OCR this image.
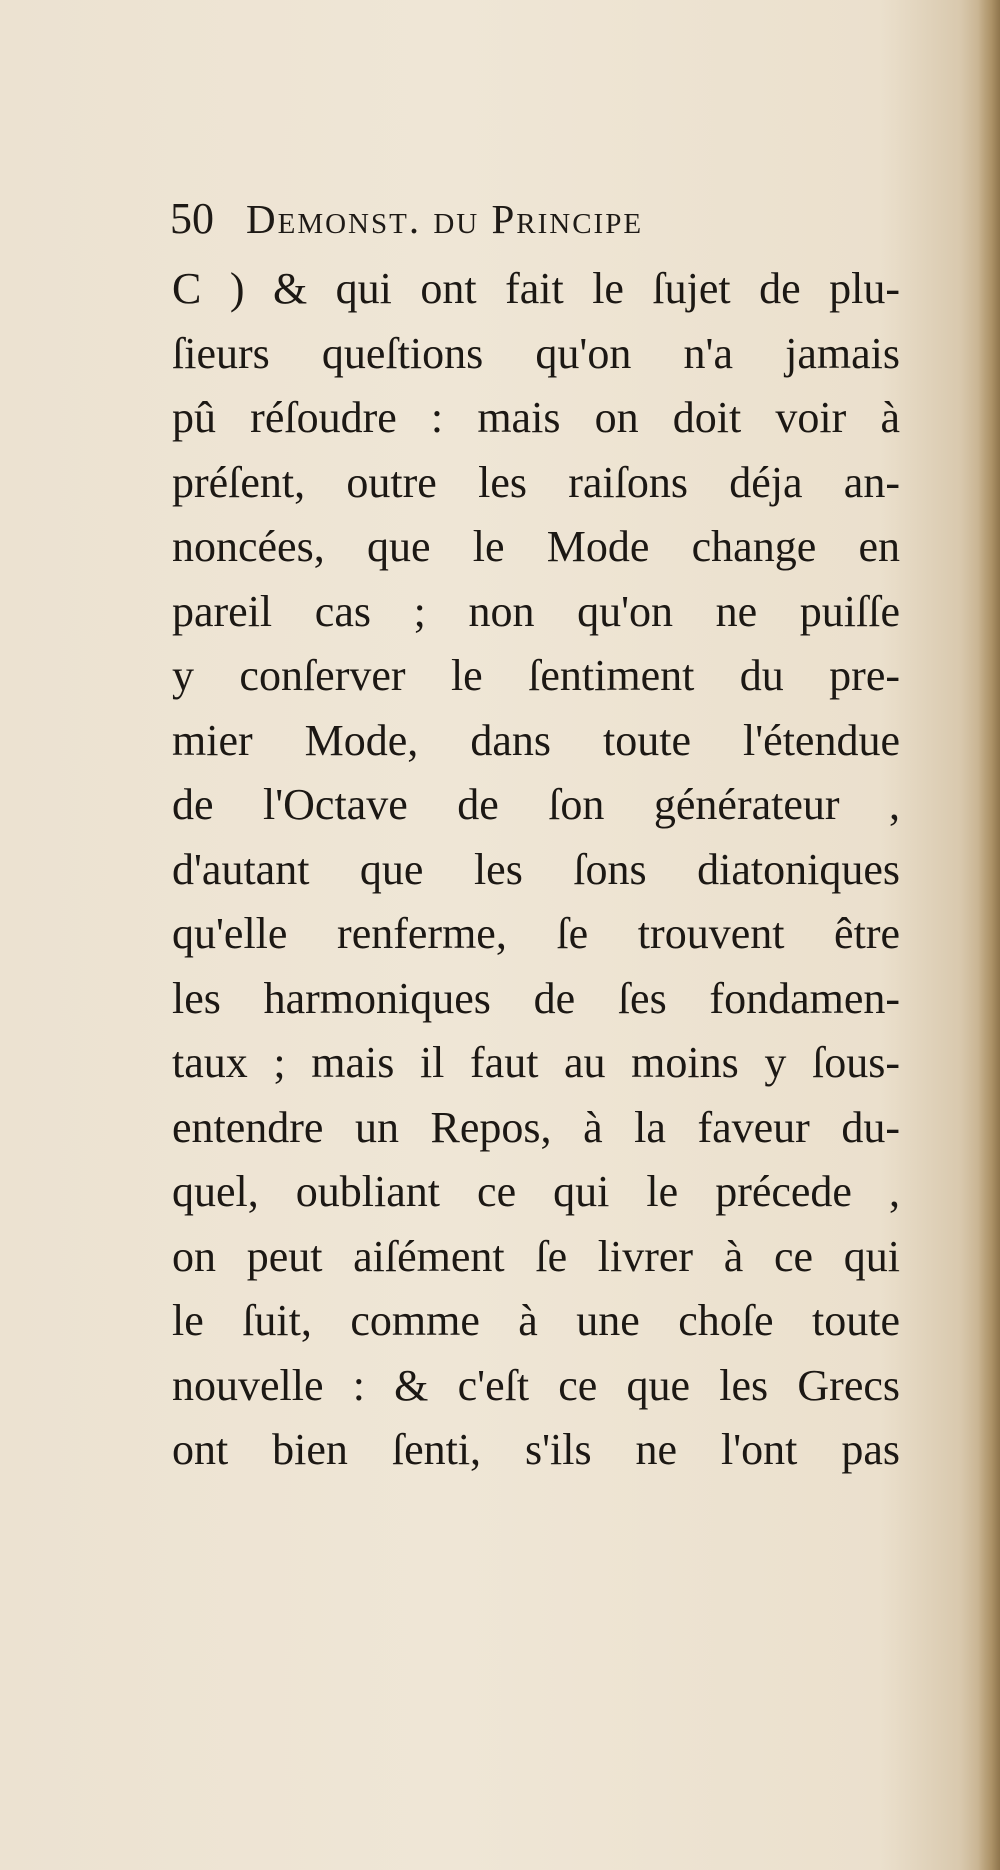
50 Demonst. du Principe
C ) & qui ont fait le ſujet de plu-
ſieurs queſtions qu'on n'a jamais
pû réſoudre : mais on doit voir à
préſent, outre les raiſons déja an-
noncées, que le Mode change en
pareil cas ; non qu'on ne puiſſe
y conſerver le ſentiment du pre-
mier Mode, dans toute l'étendue
de l'Octave de ſon générateur ,
d'autant que les ſons diatoniques
qu'elle renferme, ſe trouvent être
les harmoniques de ſes fondamen-
taux ; mais il faut au moins y ſous-
entendre un Repos, à la faveur du-
quel, oubliant ce qui le précede ,
on peut aiſément ſe livrer à ce qui
le ſuit, comme à une choſe toute
nouvelle : & c'eſt ce que les Grecs
ont bien ſenti, s'ils ne l'ont pas
